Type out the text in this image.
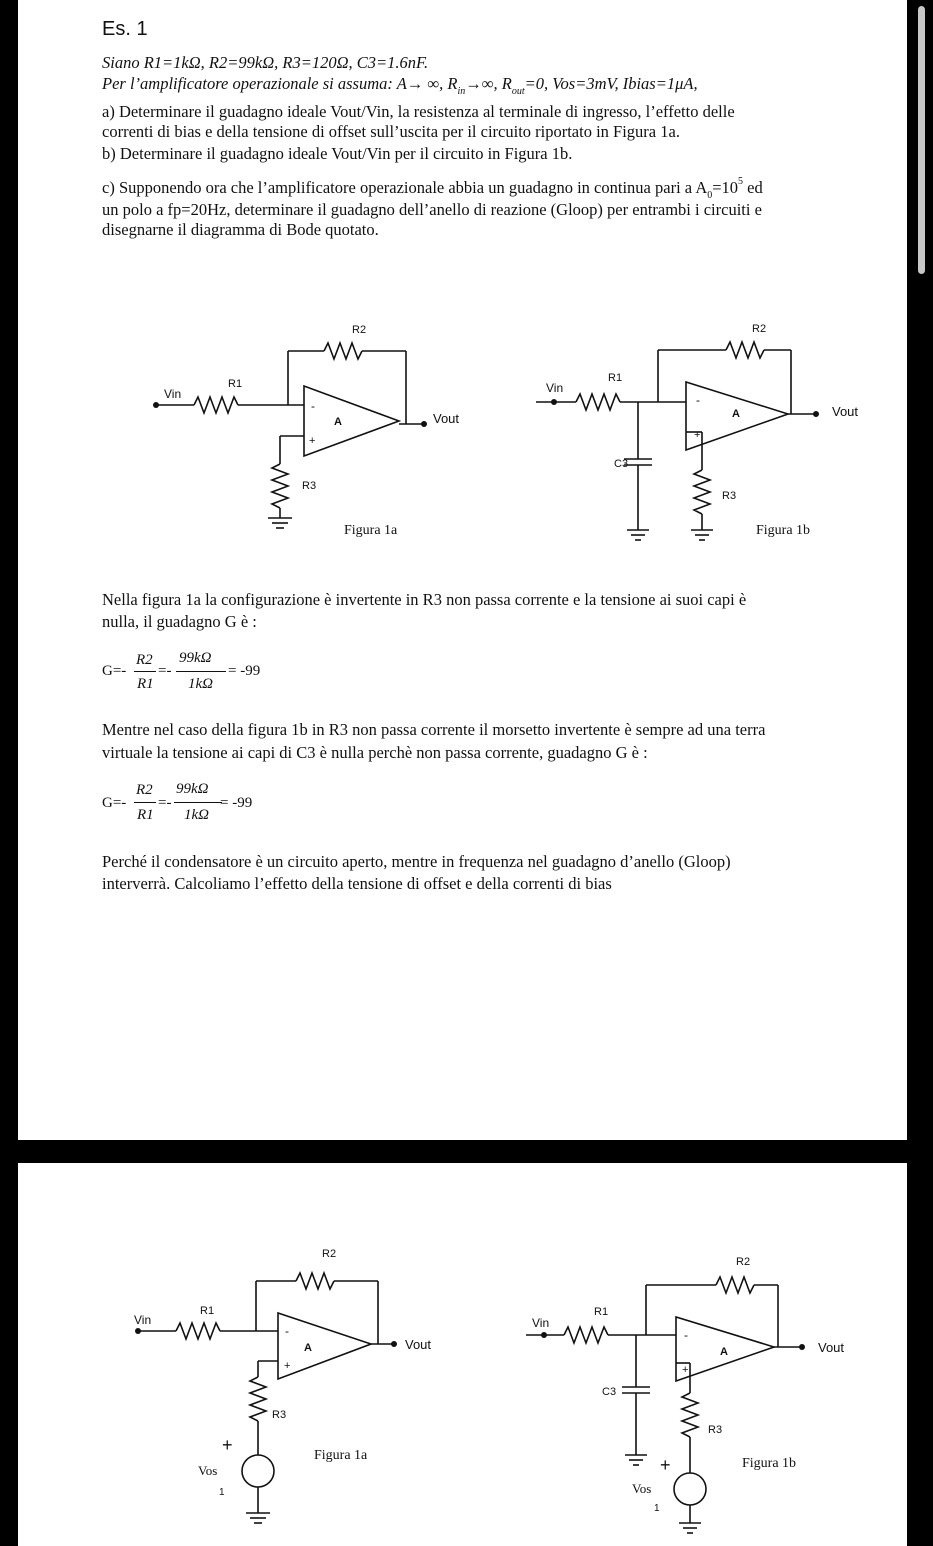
Es. 1
Siano R1=1kΩ, R2=99kΩ, R3=120Ω, C3=1.6nF.
Per l’amplificatore operazionale si assuma: A→ ∞, $R_{in}\to\infty$, $R_{out}=0$, Vos=3mV, Ibias=1μA,
a) Determinare il guadagno ideale Vout/Vin, la resistenza al terminale di ingresso, l’effetto delle
correnti di bias e della tensione di offset sull’uscita per il circuito riportato in Figura 1a.
b) Determinare il guadagno ideale Vout/Vin per il circuito in Figura 1b.
c) Supponendo ora che l’amplificatore operazionale abbia un guadagno in continua pari a $A_0=10^5$ ed
un polo a fp=20Hz, determinare il guadagno dell’anello di reazione (Gloop) per entrambi i circuiti e
disegnarne il diagramma di Bode quotato.
Vin
R1
R2
R3
Vout
A
-
+
Figura 1a
Vin
R1
R2
C3
R3
Vout
A
-
+
Figura 1b
Nella figura 1a la configurazione è invertente in R3 non passa corrente e la tensione ai suoi capi è
nulla, il guadagno G è :
G=-
R2
R1
=-
99kΩ
1kΩ
= -99
Mentre nel caso della figura 1b in R3 non passa corrente il morsetto invertente è sempre ad una terra
virtuale la tensione ai capi di C3 è nulla perchè non passa corrente, guadagno G è :
G=-
R2
R1
=-
99kΩ
1kΩ
= -99
Perché il condensatore è un circuito aperto, mentre in frequenza nel guadagno d’anello (Gloop)
interverrà. Calcoliamo l’effetto della tensione di offset e della correnti di bias
Vin
R1
R2
R3
Vout
A
-
+
+
Vos
1
Figura 1a
Vin
R1
R2
C3
R3
Vout
A
-
+
+
Vos
1
Figura 1b
